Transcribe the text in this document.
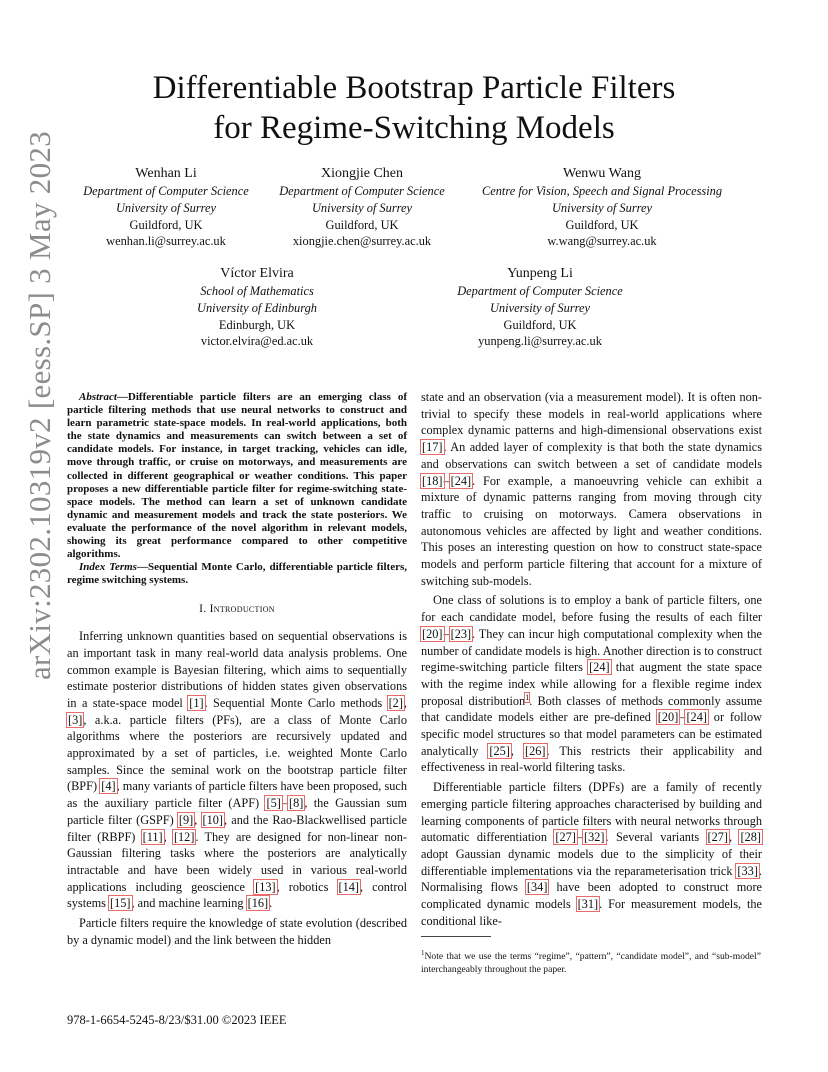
arXiv:2302.10319v2 [eess.SP] 3 May 2023
Differentiable Bootstrap Particle Filters
for Regime-Switching Models
Wenhan Li
Department of Computer Science
University of Surrey
Guildford, UK
wenhan.li@surrey.ac.uk
Xiongjie Chen
Department of Computer Science
University of Surrey
Guildford, UK
xiongjie.chen@surrey.ac.uk
Wenwu Wang
Centre for Vision, Speech and Signal Processing
University of Surrey
Guildford, UK
w.wang@surrey.ac.uk
Víctor Elvira
School of Mathematics
University of Edinburgh
Edinburgh, UK
victor.elvira@ed.ac.uk
Yunpeng Li
Department of Computer Science
University of Surrey
Guildford, UK
yunpeng.li@surrey.ac.uk

Abstract—Differentiable particle filters are an emerging class of particle filtering methods that use neural networks to construct and learn parametric state-space models. In real-world applications, both the state dynamics and measurements can switch between a set of candidate models. For instance, in target tracking, vehicles can idle, move through traffic, or cruise on motorways, and measurements are collected in different geographical or weather conditions. This paper proposes a new differentiable particle filter for regime-switching state-space models. The method can learn a set of unknown candidate dynamic and measurement models and track the state posteriors. We evaluate the performance of the novel algorithm in relevant models, showing its great performance compared to other competitive algorithms.

Index Terms—Sequential Monte Carlo, differentiable particle filters, regime switching systems.

I. Introduction

Inferring unknown quantities based on sequential observations is an important task in many real-world data analysis problems. One common example is Bayesian filtering, which aims to sequentially estimate posterior distributions of hidden states given observations in a state-space model [1]. Sequential Monte Carlo methods [2], [3], a.k.a. particle filters (PFs), are a class of Monte Carlo algorithms where the posteriors are recursively updated and approximated by a set of particles, i.e. weighted Monte Carlo samples. Since the seminal work on the bootstrap particle filter (BPF) [4], many variants of particle filters have been proposed, such as the auxiliary particle filter (APF) [5]–[8], the Gaussian sum particle filter (GSPF) [9], [10], and the Rao-Blackwellised particle filter (RBPF) [11], [12]. They are designed for non-linear non-Gaussian filtering tasks where the posteriors are analytically intractable and have been widely used in various real-world applications including geoscience [13], robotics [14], control systems [15], and machine learning [16].

Particle filters require the knowledge of state evolution (described by a dynamic model) and the link between the hidden

state and an observation (via a measurement model). It is often non-trivial to specify these models in real-world applications where complex dynamic patterns and high-dimensional observations exist [17]. An added layer of complexity is that both the state dynamics and observations can switch between a set of candidate models [18]–[24]. For example, a manoeuvring vehicle can exhibit a mixture of dynamic patterns ranging from moving through city traffic to cruising on motorways. Camera observations in autonomous vehicles are affected by light and weather conditions. This poses an interesting question on how to construct state-space models and perform particle filtering that account for a mixture of switching sub-models.

One class of solutions is to employ a bank of particle filters, one for each candidate model, before fusing the results of each filter [20]–[23]. They can incur high computational complexity when the number of candidate models is high. Another direction is to construct regime-switching particle filters [24] that augment the state space with the regime index while allowing for a flexible regime index proposal distribution$^1$. Both classes of methods commonly assume that candidate models either are pre-defined [20]–[24] or follow specific model structures so that model parameters can be estimated analytically [25], [26]. This restricts their applicability and effectiveness in real-world filtering tasks.

Differentiable particle filters (DPFs) are a family of recently emerging particle filtering approaches characterised by building and learning components of particle filters with neural networks through automatic differentiation [27]–[32]. Several variants [27], [28] adopt Gaussian dynamic models due to the simplicity of their differentiable implementations via the reparameterisation trick [33]. Normalising flows [34] have been adopted to construct more complicated dynamic models [31]. For measurement models, the conditional like-

$^1$Note that we use the terms “regime”, “pattern”, “candidate model”, and “sub-model” interchangeably throughout the paper.
978-1-6654-5245-8/23/$31.00 ©2023 IEEE
